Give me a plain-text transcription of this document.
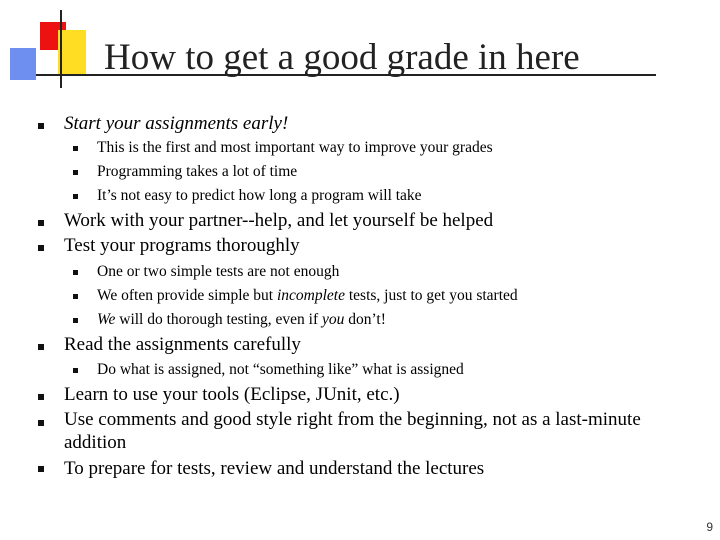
How to get a good grade in here
Start your assignments early!
This is the first and most important way to improve your grades
Programming takes a lot of time
It’s not easy to predict how long a program will take
Work with your partner--help, and let yourself be helped
Test your programs thoroughly
One or two simple tests are not enough
We often provide simple but incomplete tests, just to get you started
We will do thorough testing, even if you don’t!
Read the assignments carefully
Do what is assigned, not “something like” what is assigned
Learn to use your tools (Eclipse, JUnit, etc.)
Use comments and good style right from the beginning, not as a last-minute
addition
To prepare for tests, review and understand the lectures
9
